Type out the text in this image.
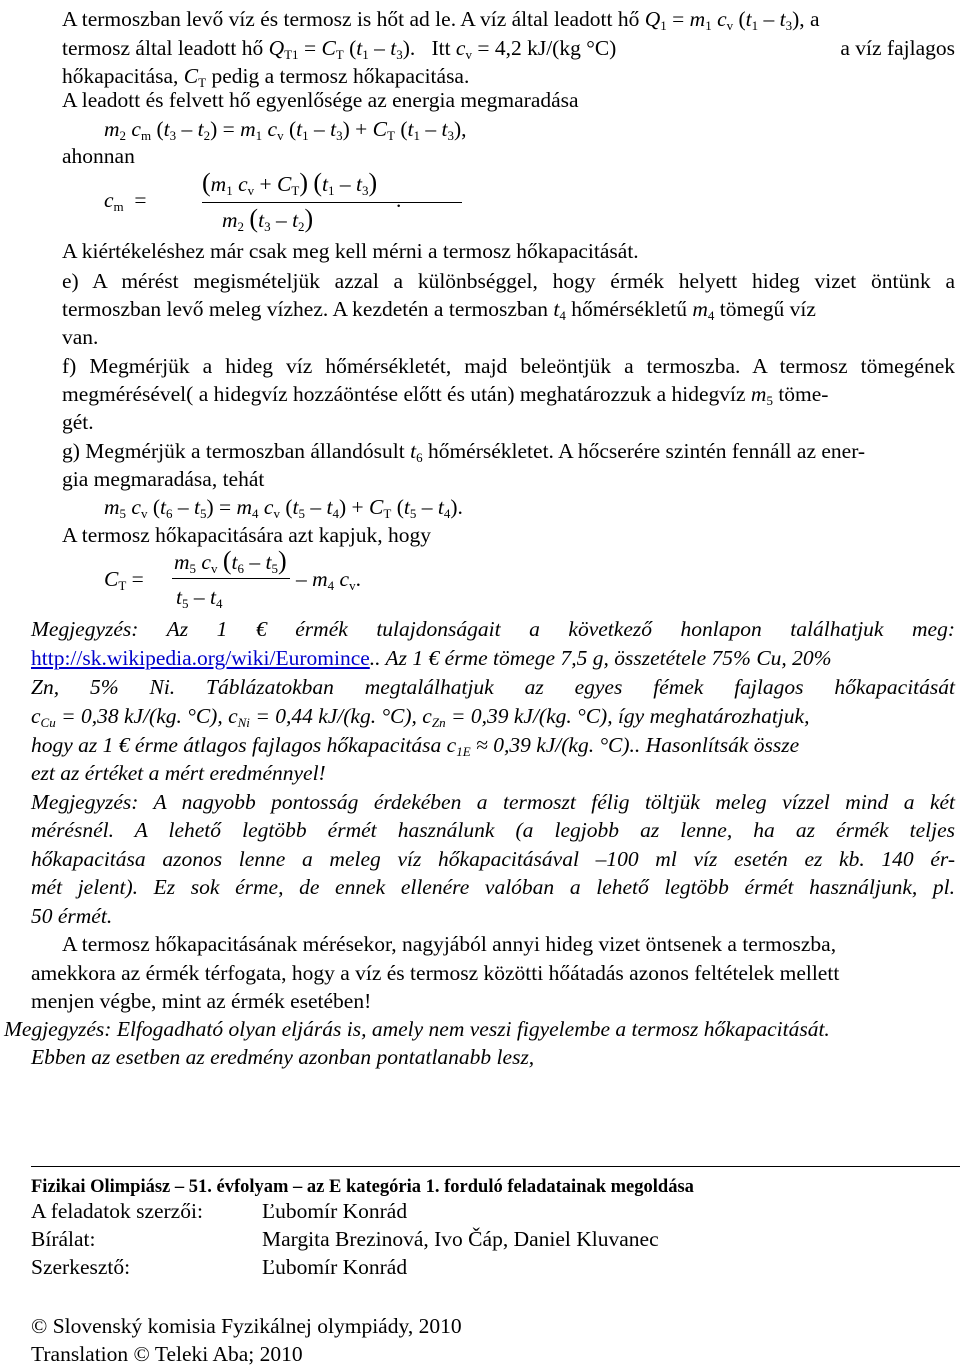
A termoszban levő víz és termosz is hőt ad le. A víz által leadott hő $Q_1 = m_1$ $c_v$ $(t_1 - t_3)$, a
termosz által leadott hő $Q_{T1} = C_T$ $(t_1 - t_3)$.   Itt $c_v = 4,2$ kJ/(kg °C)	a víz fajlagos
hőkapacitása, $C_T$ pedig a termosz hőkapacitása.
A leadott és felvett hő egyenlősége az energia megmaradása
$m_2$ $c_m$ $(t_3 - t_2) = m_1$ $c_v$ $(t_1 - t_3) + C_T$ $(t_1 - t_3)$,
ahonnan
$c_m$  =
($m_1$ $c_v + C_T$) $(t_1 - t_3)$
$m_2$ $(t_3 - t_2)$
.
A kiértékeléshez már csak meg kell mérni a termosz hőkapacitását.
e) A mérést megismételjük azzal a különbséggel, hogy érmék helyett hideg vizet öntünk a
termoszban levő meleg vízhez. A kezdetén a termoszban $t_4$ hőmérsékletű $m_4$ tömegű víz
van.
f) Megmérjük a hideg víz hőmérsékletét, majd beleöntjük a termoszba. A termosz tömegének
megmérésével( a hidegvíz hozzáöntése előtt és után) meghatározzuk a hidegvíz $m_5$ töme-
gét.
g) Megmérjük a termoszban állandósult $t_6$ hőmérsékletet. A hőcserére szintén fennáll az ener-
gia megmaradása, tehát
$m_5$ $c_v$ $(t_6 - t_5) = m_4$ $c_v$ $(t_5 - t_4) + C_T$ $(t_5 - t_4)$.
A termosz hőkapacitására azt kapjuk, hogy
$C_T$ =
$m_5$ $c_v$ $(t_6 - t_5)$
$t_5 - t_4$
– $m_4$ $c_v$.
Megjegyzés: Az 1 € érmék tulajdonságait a következő honlapon találhatjuk meg:
http://sk.wikipedia.org/wiki/Euromince.. Az 1 € érme tömege 7,5 g, összetétele 75% Cu, 20%
Zn, 5% Ni. Táblázatokban megtalálhatjuk az egyes fémek fajlagos hőkapacitását
$c_{Cu} = 0,38$ kJ/(kg. °C), $c_{Ni} = 0,44$ kJ/(kg. °C), $c_{Zn} = 0,39$ kJ/(kg. °C), így meghatározhatjuk,
hogy az 1 € érme átlagos fajlagos hőkapacitása $c_{1E} \approx 0,39$ kJ/(kg. °C).. Hasonlítsák össze
ezt az értéket a mért eredménnyel!
Megjegyzés: A nagyobb pontosság érdekében a termoszt félig töltjük meleg vízzel mind a két
mérésnél. A lehető legtöbb érmét használunk (a legjobb az lenne, ha az érmék teljes
hőkapacitása azonos lenne a meleg víz hőkapacitásával –100 ml víz esetén ez kb. 140 ér-
mét jelent). Ez sok érme, de ennek ellenére valóban a lehető legtöbb érmét használjunk, pl.
50 érmét.
A termosz hőkapacitásának mérésekor, nagyjából annyi hideg vizet öntsenek a termoszba,
amekkora az érmék térfogata, hogy a víz és termosz közötti hőátadás azonos feltételek mellett
menjen végbe, mint az érmék esetében!
Megjegyzés: Elfogadható olyan eljárás is, amely nem veszi figyelembe a termosz hőkapacitását.
Ebben az esetben az eredmény azonban pontatlanabb lesz,
Fizikai Olimpiász – 51. évfolyam – az E kategória 1. forduló feladatainak megoldása
A feladatok szerzői:	Ľubomír Konrád
Bírálat:	Margita Brezinová, Ivo Čáp, Daniel Kluvanec
Szerkesztő:	Ľubomír Konrád
© Slovenský komisia Fyzikálnej olympiády, 2010
Translation © Teleki Aba; 2010
